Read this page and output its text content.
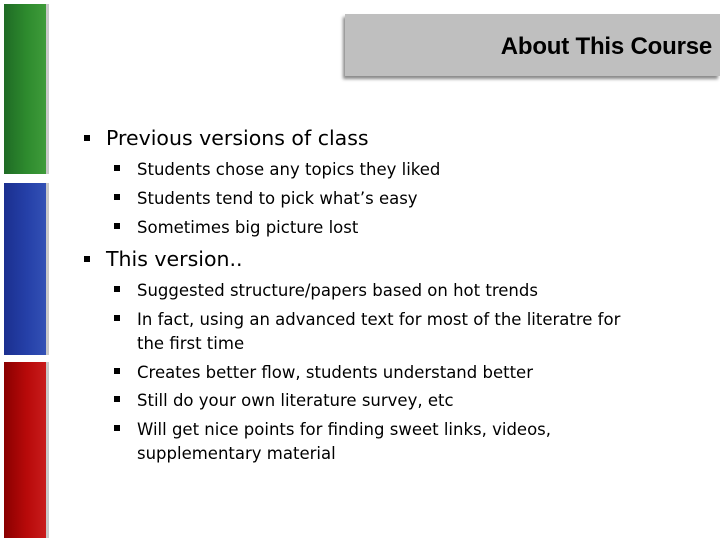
About This Course
Previous versions of class
Students chose any topics they liked
Students tend to pick what’s easy
Sometimes big picture lost
This version..
Suggested structure/papers based on hot trends
In fact, using an advanced text for most of the literatre for
the first time
Creates better flow, students understand better
Still do your own literature survey, etc
Will get nice points for finding sweet links, videos,
supplementary material
